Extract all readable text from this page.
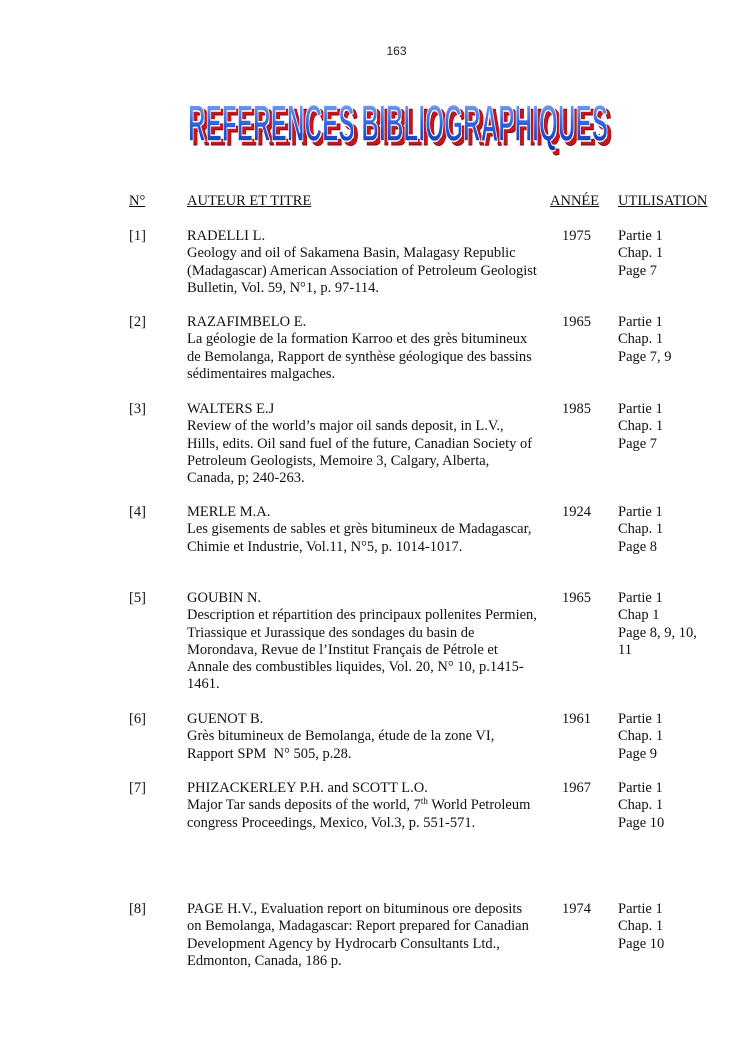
163
REFERENCES BIBLIOGRAPHIQUES
REFERENCES BIBLIOGRAPHIQUES
N°	AUTEUR ET TITRE	ANNÉE UTILISATION
[1]	RADELLI L.
Geology and oil of Sakamena Basin, Malagasy Republic (Madagascar) American Association of Petroleum Geologist Bulletin, Vol. 59, N°1, p. 97-114.
1975 Partie 1
Chap. 1
Page 7
[2]	RAZAFIMBELO E.
La géologie de la formation Karroo et des grès bitumineux de Bemolanga, Rapport de synthèse géologique des bassins sédimentaires malgaches.
1965 Partie 1
Chap. 1
Page 7, 9
[3]	WALTERS E.J
Review of the world’s major oil sands deposit, in L.V., Hills, edits. Oil sand fuel of the future, Canadian Society of Petroleum Geologists, Memoire 3, Calgary, Alberta, Canada, p; 240-263.
1985 Partie 1
Chap. 1
Page 7
[4]	MERLE M.A.
Les gisements de sables et grès bitumineux de Madagascar, Chimie et Industrie, Vol.11, N°5, p. 1014-1017.
1924 Partie 1
Chap. 1
Page 8
[5]	GOUBIN N.
Description et répartition des principaux pollenites Permien, Triassique et Jurassique des sondages du basin de Morondava, Revue de l’Institut Français de Pétrole et Annale des combustibles liquides, Vol. 20, N° 10, p.1415-1461.
1965 Partie 1
Chap 1
Page 8, 9, 10, 11
[6]	GUENOT B.
Grès bitumineux de Bemolanga, étude de la zone VI, Rapport SPM  N° 505, p.28.
1961 Partie 1
Chap. 1
Page 9
[7]	PHIZACKERLEY P.H. and SCOTT L.O.
Major Tar sands deposits of the world, 7th World Petroleum congress Proceedings, Mexico, Vol.3, p. 551-571.
1967 Partie 1
Chap. 1
Page 10
[8]	PAGE H.V., Evaluation report on bituminous ore deposits on Bemolanga, Madagascar: Report prepared for Canadian Development Agency by Hydrocarb Consultants Ltd., Edmonton, Canada, 186 p.
1974 Partie 1
Chap. 1
Page 10
